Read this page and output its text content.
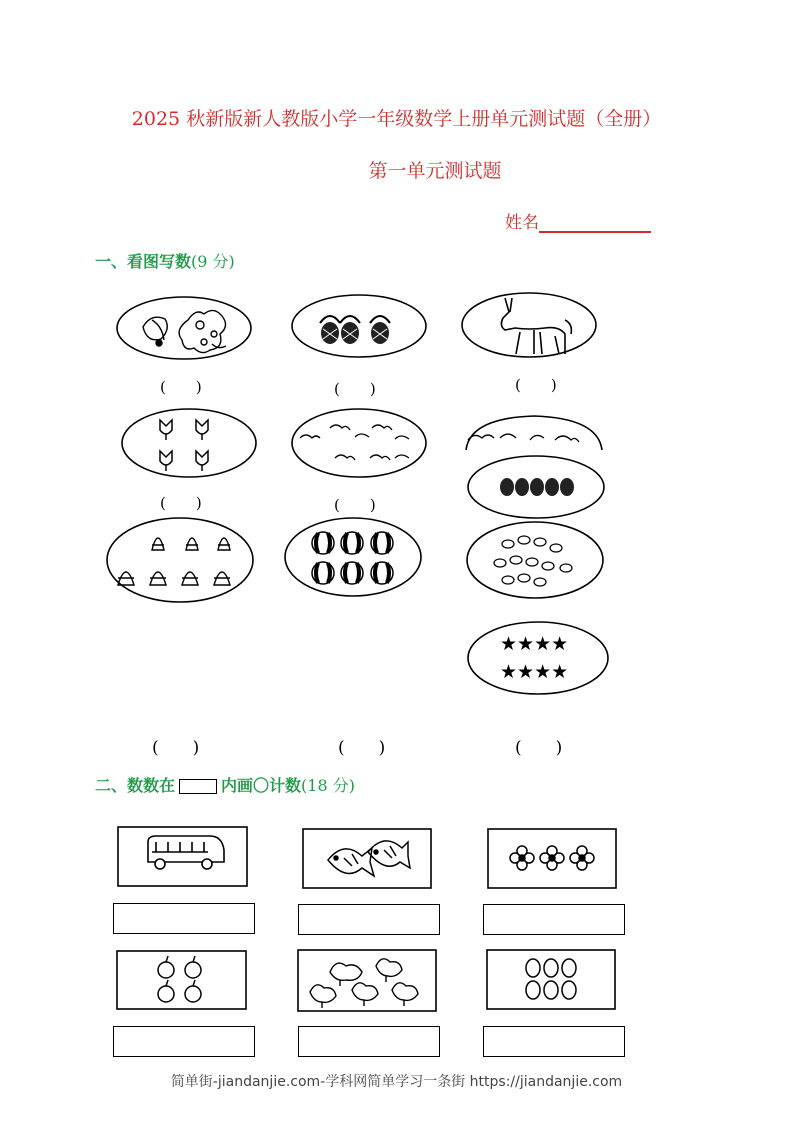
2025 秋新版新人教版小学一年级数学上册单元测试题（全册）
第一单元测试题
姓名
一、看图写数(9 分)
★★★★
★★★★
(　　)	(　　)	(　　)
(　　)	(　　)
(　　)	(　　)	(　　)
二、数数在	内画〇计数(18 分)
简单街-jiandanjie.com-学科网简单学习一条街 https://jiandanjie.com
